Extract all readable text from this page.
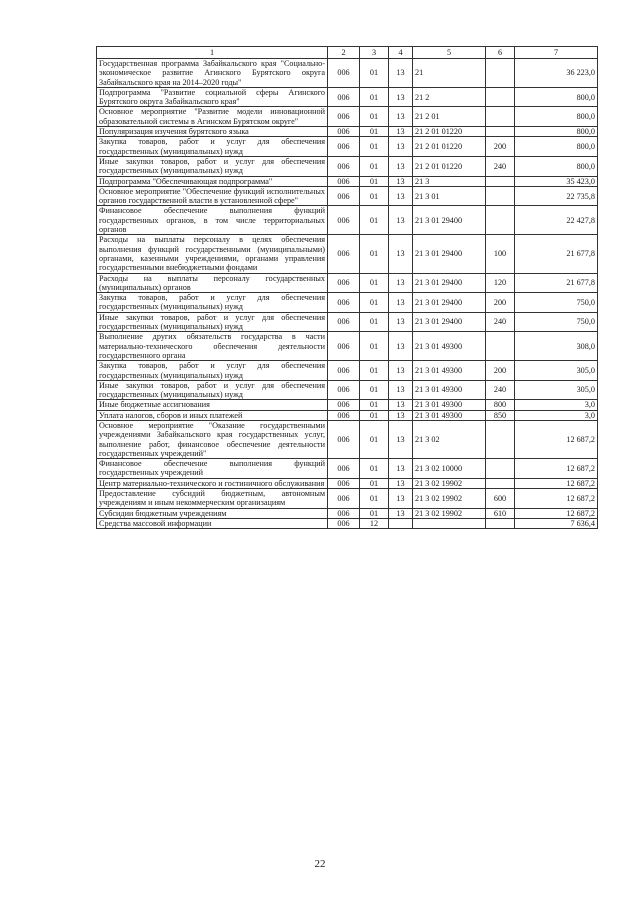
1	2	3	4	5	6	7
Государственная программа Забайкальского края "Социально-экономическое развитие Агинского Бурятского округа Забайкальского края на 2014–2020 годы"	006	01	13	21		36 223,0
Подпрограмма "Развитие социальной сферы Агинского Бурятского округа Забайкальского края"	006	01	13	21 2		800,0
Основное мероприятие "Развитие модели инновационной образовательной системы в Агинском Бурятском округе"	006	01	13	21 2 01		800,0
Популяризация изучения бурятского языка	006	01	13	21 2 01 01220		800,0
Закупка товаров, работ и услуг для обеспечения государственных (муниципальных) нужд	006	01	13	21 2 01 01220	200	800,0
Иные закупки товаров, работ и услуг для обеспечения государственных (муниципальных) нужд	006	01	13	21 2 01 01220	240	800,0
Подпрограмма "Обеспечивающая подпрограмма"	006	01	13	21 3		35 423,0
Основное мероприятие "Обеспечение функций исполнительных органов государственной власти в установленной сфере"	006	01	13	21 3 01		22 735,8
Финансовое обеспечение выполнения функций государственных органов, в том числе территориальных органов	006	01	13	21 3 01 29400		22 427,8
Расходы на выплаты персоналу в целях обеспечения выполнения функций государственными (муниципальными) органами, казенными учреждениями, органами управления государственными внебюджетными фондами	006	01	13	21 3 01 29400	100	21 677,8
Расходы на выплаты персоналу государственных (муниципальных) органов	006	01	13	21 3 01 29400	120	21 677,8
Закупка товаров, работ и услуг для обеспечения государственных (муниципальных) нужд	006	01	13	21 3 01 29400	200	750,0
Иные закупки товаров, работ и услуг для обеспечения государственных (муниципальных) нужд	006	01	13	21 3 01 29400	240	750,0
Выполнение других обязательств государства в части материально-технического обеспечения деятельности государственного органа	006	01	13	21 3 01 49300		308,0
Закупка товаров, работ и услуг для обеспечения государственных (муниципальных) нужд	006	01	13	21 3 01 49300	200	305,0
Иные закупки товаров, работ и услуг для обеспечения государственных (муниципальных) нужд	006	01	13	21 3 01 49300	240	305,0
Иные бюджетные ассигнования	006	01	13	21 3 01 49300	800	3,0
Уплата налогов, сборов и иных платежей	006	01	13	21 3 01 49300	850	3,0
Основное мероприятие "Оказание государственными учреждениями Забайкальского края государственных услуг, выполнение работ, финансовое обеспечение деятельности государственных учреждений"	006	01	13	21 3 02		12 687,2
Финансовое обеспечение выполнения функций государственных учреждений	006	01	13	21 3 02 10000		12 687,2
Центр материально-технического и гостиничного обслуживания	006	01	13	21 3 02 19902		12 687,2
Предоставление субсидий бюджетным, автономным учреждениям и иным некоммерческим организациям	006	01	13	21 3 02 19902	600	12 687,2
Субсидии бюджетным учреждениям	006	01	13	21 3 02 19902	610	12 687,2
Средства массовой информации	006	12				7 636,4
22
